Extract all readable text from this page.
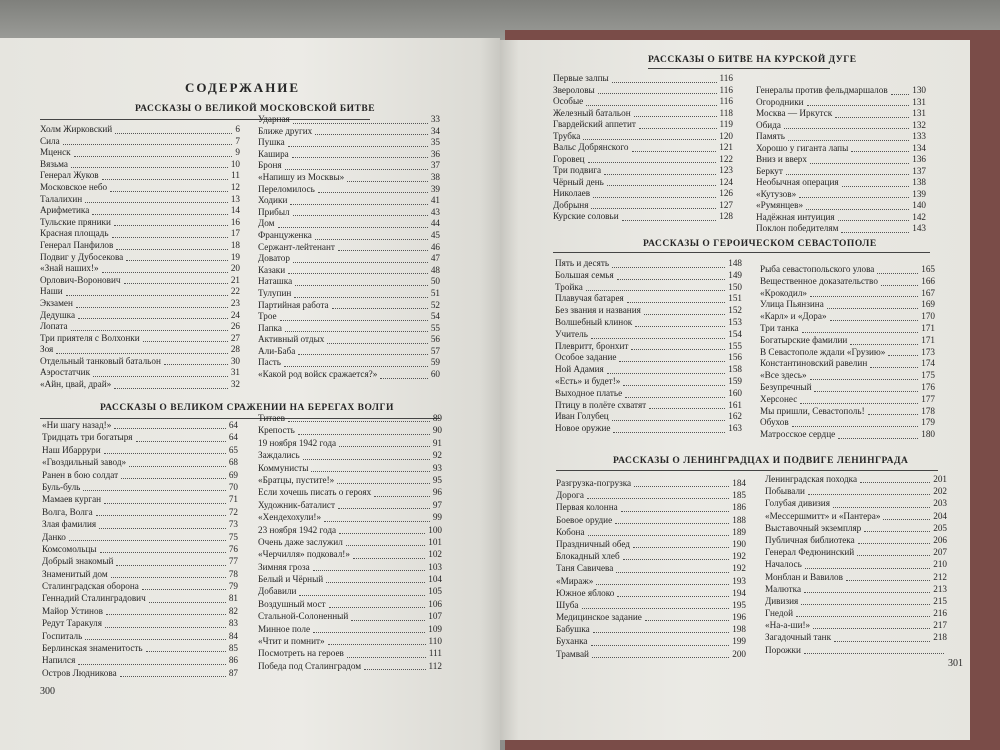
СОДЕРЖАНИЕ
РАССКАЗЫ О ВЕЛИКОЙ МОСКОВСКОЙ БИТВЕ
Холм Жирковский	6
Сила	7
Мценск	9
Вязьма	10
Генерал Жуков	11
Московское небо	12
Талалихин	13
Арифметика	14
Тульские пряники	16
Красная площадь	17
Генерал Панфилов	18
Подвиг у Дубосекова	19
«Знай наших!»	20
Орлович-Воронович	21
Наши	22
Экзамен	23
Дедушка	24
Лопата	26
Три приятеля с Волхонки	27
Зоя	28
Отдельный танковый батальон	30
Аэростатчик	31
«Айн, цвай, драй»	32
Ударная	33
Ближе других	34
Пушка	35
Кашира	36
Броня	37
«Напишу из Москвы»	38
Переломилось	39
Ходики	41
Прибыл	43
Дом	44
Француженка	45
Сержант-лейтенант	46
Доватор	47
Казаки	48
Наташка	50
Тулупин	51
Партийная работа	52
Трое	54
Папка	55
Активный отдых	56
Али-Баба	57
Пасть	59
«Какой род войск сражается?»	60
РАССКАЗЫ О ВЕЛИКОМ СРАЖЕНИИ НА БЕРЕГАХ ВОЛГИ
«Ни шагу назад!»	64
Тридцать три богатыря	64
Наш Ибаррури	65
«Гвоздильный завод»	68
Ранен в бою солдат	69
Буль-буль	70
Мамаев курган	71
Волга, Волга	72
Злая фамилия	73
Данко	75
Комсомольцы	76
Добрый знакомый	77
Знаменитый дом	78
Сталинградская оборона	79
Геннадий Сталинградович	81
Майор Устинов	82
Редут Таракуля	83
Госпиталь	84
Берлинская знаменитость	85
Напился	86
Остров Людникова	87
Титаев	89
Крепость	90
19 ноября 1942 года	91
Заждались	92
Коммунисты	93
«Братцы, пустите!»	95
Если хочешь писать о героях	96
Художник-баталист	97
«Хендехохули!»	99
23 ноября 1942 года	100
Очень даже заслужил	101
«Черчилля» подковал!»	102
Зимняя гроза	103
Белый и Чёрный	104
Добавили	105
Воздушный мост	106
Стальной-Солоненный	107
Минное поле	109
«Чтит и помнит»	110
Посмотреть на героев	111
Победа под Сталинградом	112
РАССКАЗЫ О БИТВЕ НА КУРСКОЙ ДУГЕ
Первые залпы	116
Звероловы	116
Особые	116
Железный батальон	118
Гвардейский аппетит	119
Трубка	120
Вальс Добрянского	121
Горовец	122
Три подвига	123
Чёрный день	124
Николаев	126
Добрыня	127
Курские соловьи	128
Генералы против фельдмаршалов	130
Огородники	131
Москва — Иркутск	131
Обида	132
Память	133
Хорошо у гиганта лапы	134
Вниз и вверх	136
Беркут	137
Необычная операция	138
«Кутузов»	139
«Румянцев»	140
Надёжная интуиция	142
Поклон победителям	143
РАССКАЗЫ О ГЕРОИЧЕСКОМ СЕВАСТОПОЛЕ
Пять и десять	148
Большая семья	149
Тройка	150
Плавучая батарея	151
Без звания и названия	152
Волшебный клинок	153
Учитель	154
Плевритт, бронхит	155
Особое задание	156
Ной Адамия	158
«Есть» и будет!»	159
Выходное платье	160
Птицу в полёте схватят	161
Иван Голубец	162
Новое оружие	163
Рыба севастопольского улова	165
Вещественное доказательство	166
«Крокодил»	167
Улица Пьянзина	169
«Карл» и «Дора»	170
Три танка	171
Богатырские фамилии	171
В Севастополе ждали «Грузию»	173
Константиновский равелин	174
«Все здесь»	175
Безупречный	176
Херсонес	177
Мы пришли, Севастополь!	178
Обухов	179
Матросское сердце	180
РАССКАЗЫ О ЛЕНИНГРАДЦАХ И ПОДВИГЕ ЛЕНИНГРАДА
Разгрузка-погрузка	184
Дорога	185
Первая колонна	186
Боевое орудие	188
Кобона	189
Праздничный обед	190
Блокадный хлеб	192
Таня Савичева	192
«Мираж»	193
Южное яблоко	194
Шуба	195
Медицинское задание	196
Бабушка	198
Буханка	199
Трамвай	200
Ленинградская походка	201
Побывали	202
Голубая дивизия	203
«Мессершмитт» и «Пантера»	204
Выставочный экземпляр	205
Публичная библиотека	206
Генерал Федюнинский	207
Началось	210
Монблан и Вавилов	212
Малютка	213
Дивизия	215
Гнедой	216
«На-а-ши!»	217
Загадочный танк	218
Порожки
300
301
